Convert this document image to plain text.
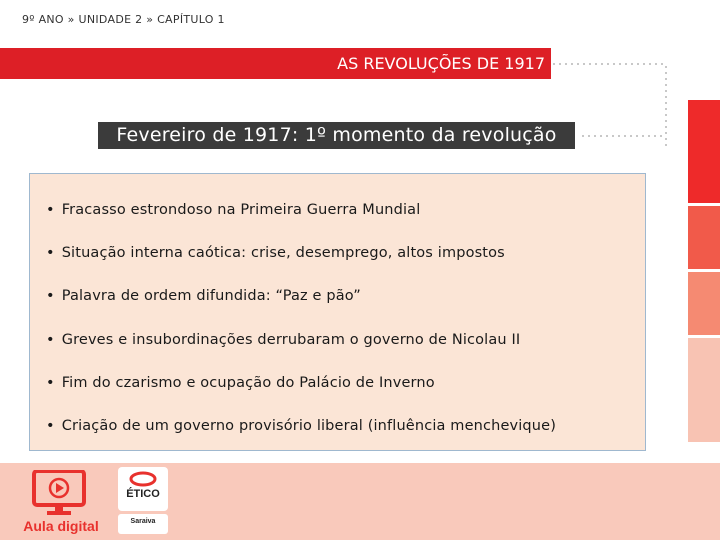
9º ANO » UNIDADE 2 » CAPÍTULO 1
AS REVOLUÇÕES DE 1917
Fevereiro de 1917: 1º momento da revolução
• Fracasso estrondoso na Primeira Guerra Mundial
• Situação interna caótica: crise, desemprego, altos impostos
• Palavra de ordem difundida: “Paz e pão”
• Greves e insubordinações derrubaram o governo de Nicolau II
• Fim do czarismo e ocupação do Palácio de Inverno
• Criação de um governo provisório liberal (influência menchevique)
Aula digital
ÉTICO
Saraiva
